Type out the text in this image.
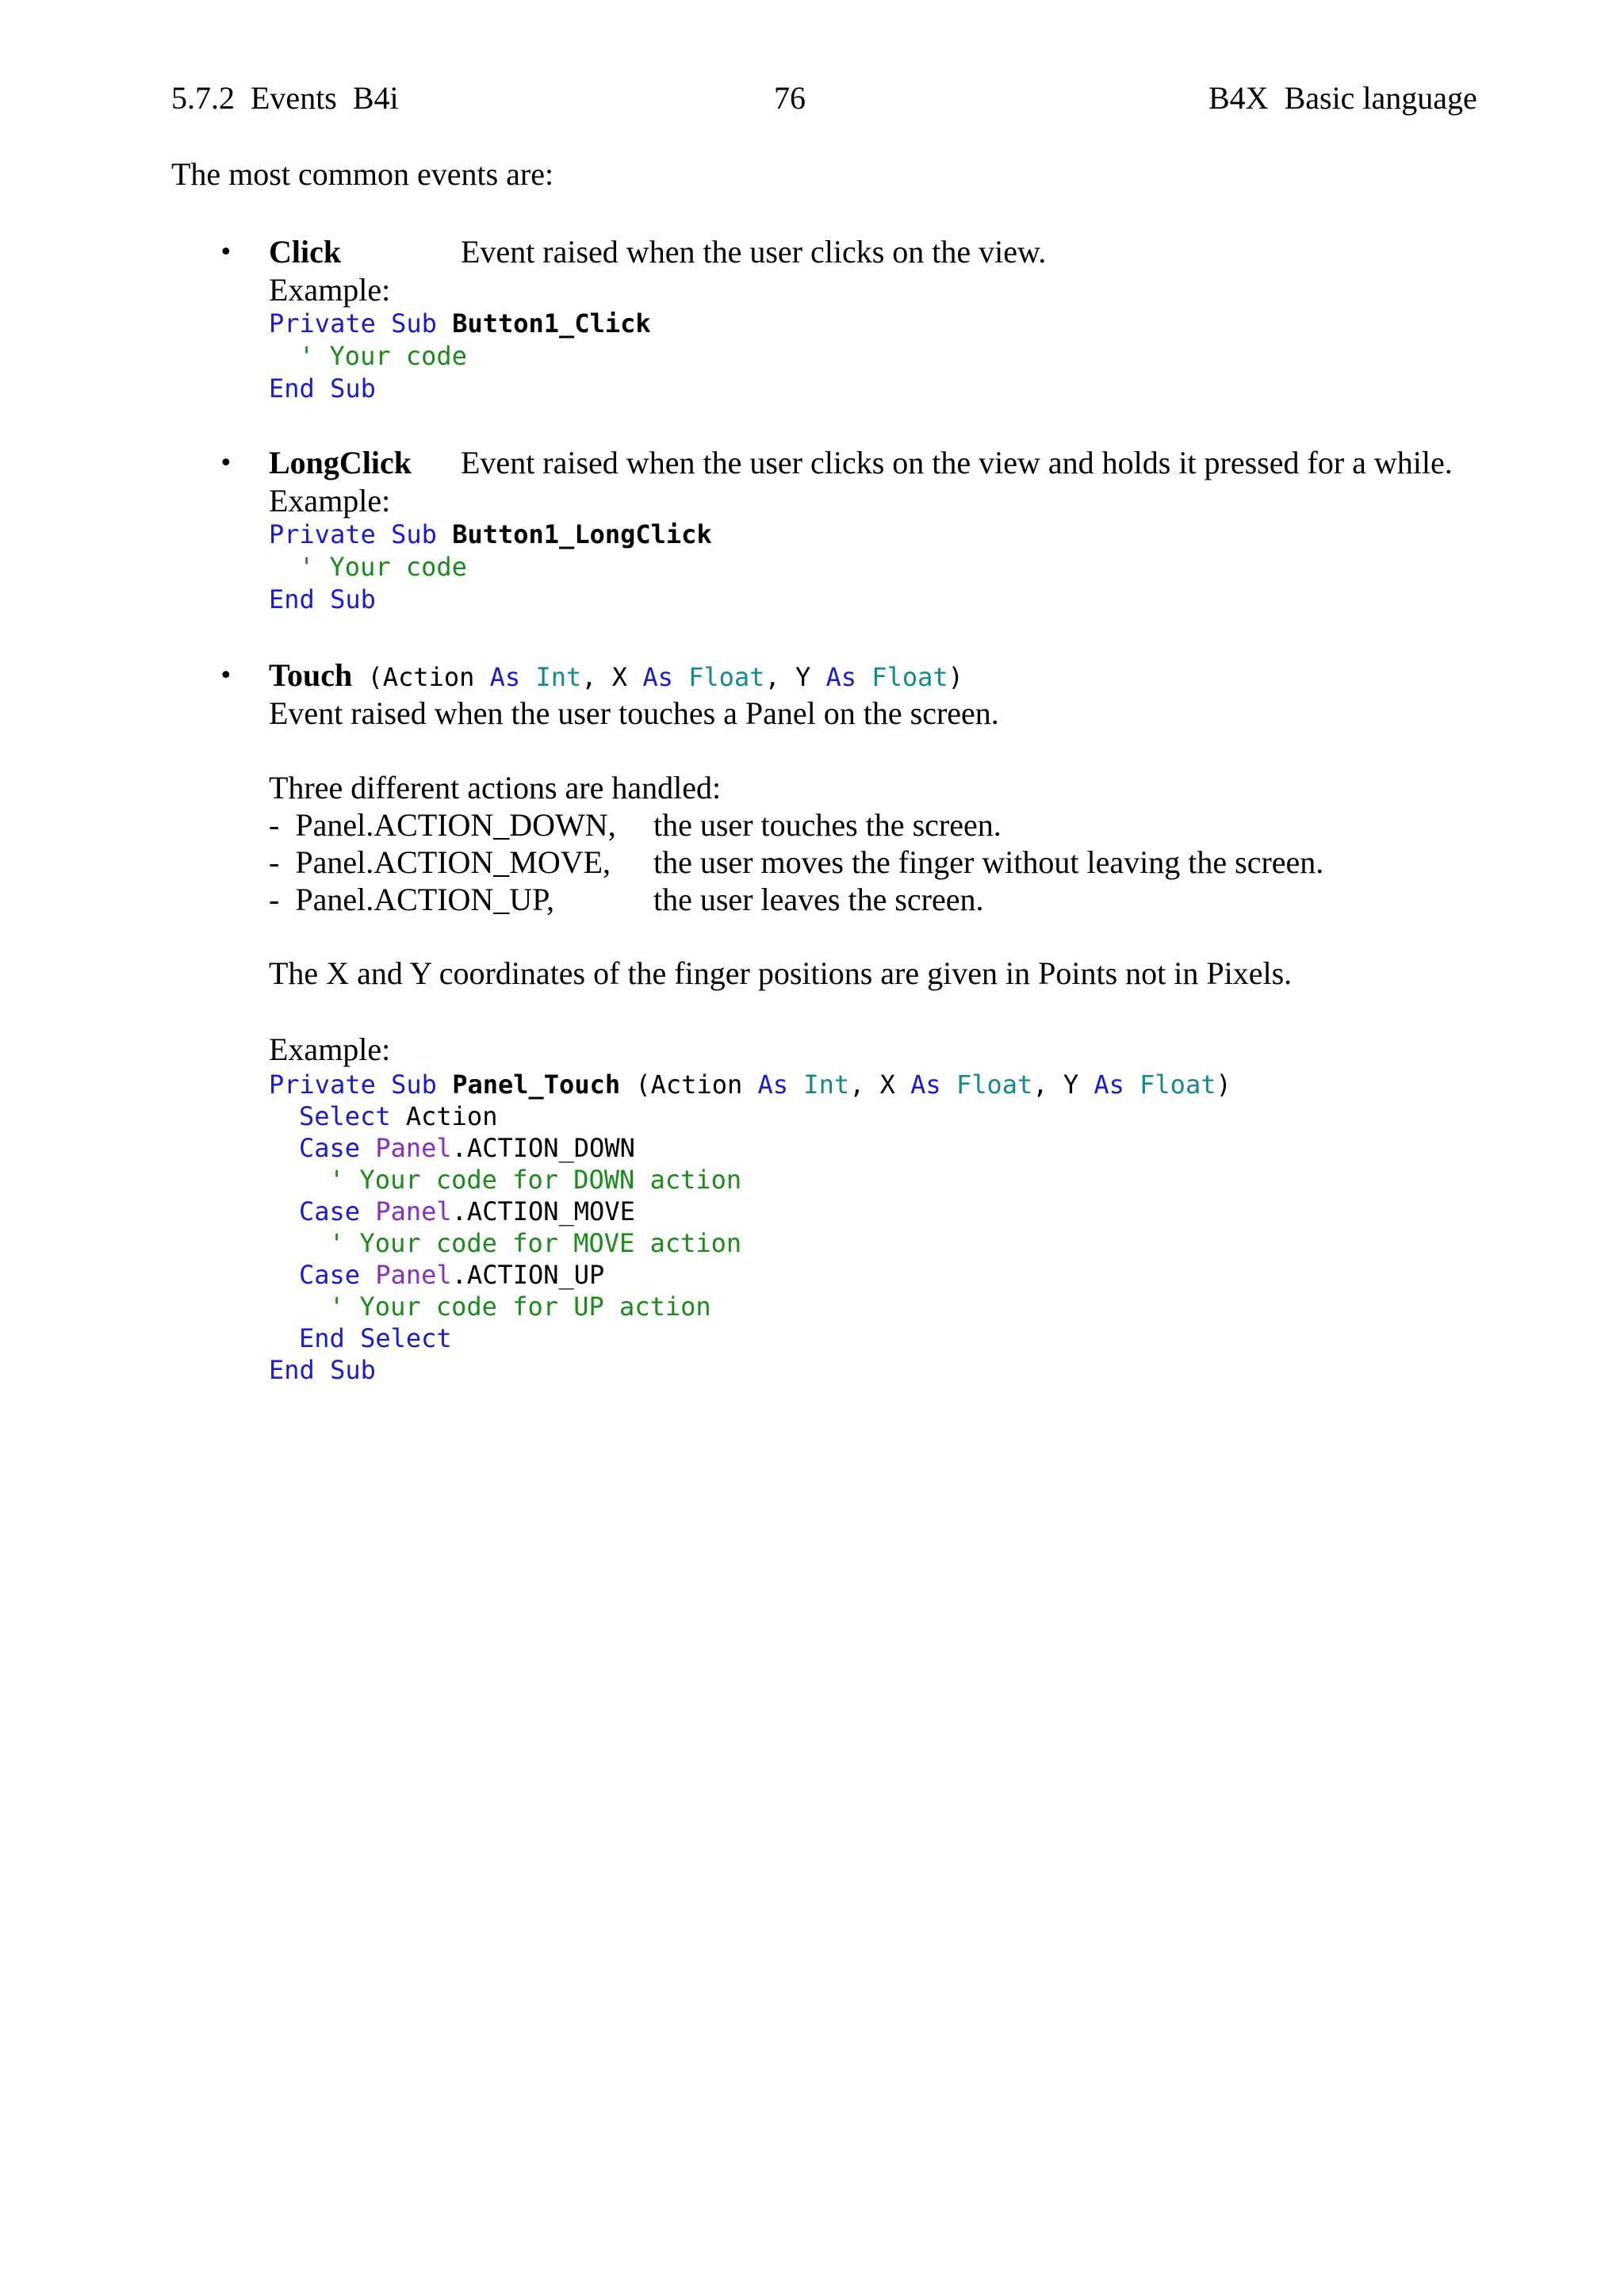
5.7.2  Events  B4i	76	B4X  Basic language
The most common events are:
• Click	Event raised when the user clicks on the view.
Example:
Private Sub Button1_Click
' Your code
End Sub
• LongClick Event raised when the user clicks on the view and holds it pressed for a while.
Example:
Private Sub Button1_LongClick
' Your code
End Sub
• Touch (Action As Int, X As Float, Y As Float)
Event raised when the user touches a Panel on the screen.
Three different actions are handled:
-  Panel.ACTION_DOWN, the user touches the screen.
-  Panel.ACTION_MOVE, the user moves the finger without leaving the screen.
-  Panel.ACTION_UP,	the user leaves the screen.
The X and Y coordinates of the finger positions are given in Points not in Pixels.
Example:
Private Sub Panel_Touch (Action As Int, X As Float, Y As Float)
Select Action
Case Panel.ACTION_DOWN
' Your code for DOWN action
Case Panel.ACTION_MOVE
' Your code for MOVE action
Case Panel.ACTION_UP
' Your code for UP action
End Select
End Sub
